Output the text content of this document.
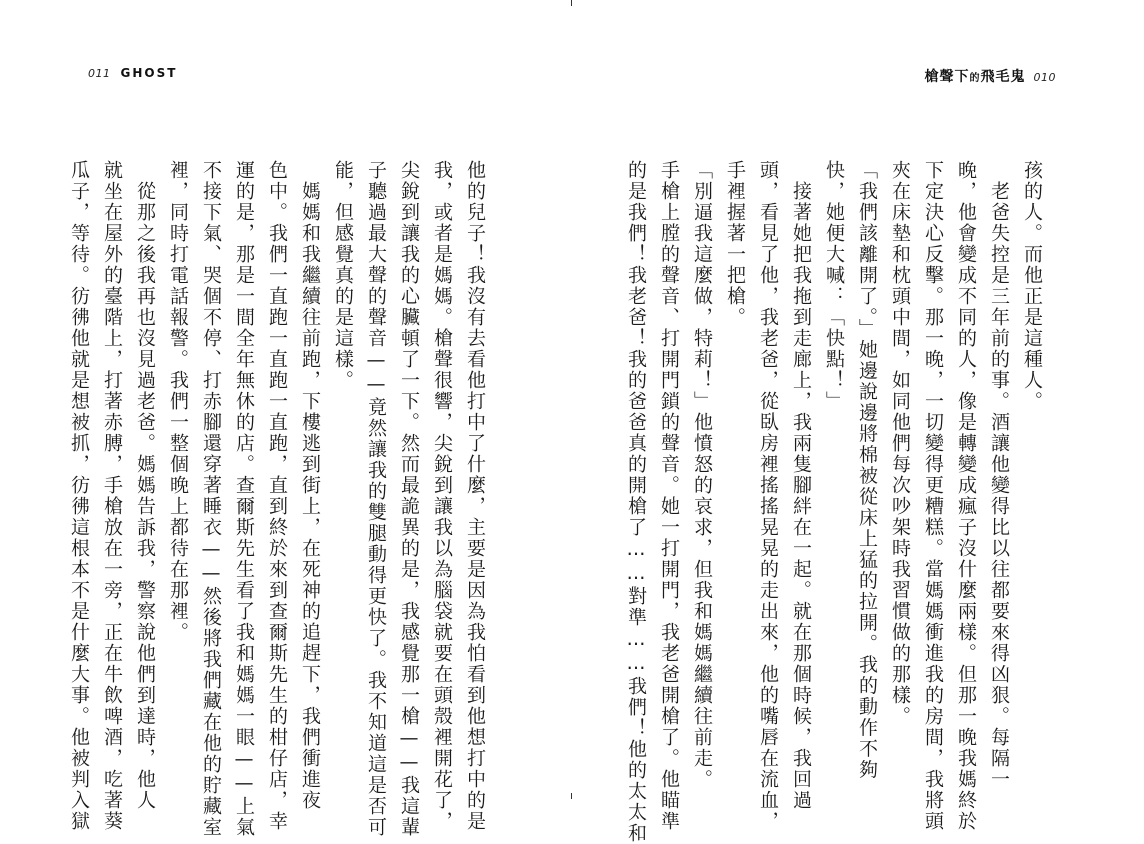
011 GHOST
他的兒子！我沒有去看他打中了什麼，主要是因為我怕看到他想打中的是
我，或者是媽媽。槍聲很響，尖銳到讓我以為腦袋就要在頭殼裡開花了，
尖銳到讓我的心臟頓了一下。然而最詭異的是，我感覺那一槍——我這輩
子聽過最大聲的聲音——竟然讓我的雙腿動得更快了。我不知道這是否可
能，但感覺真的是這樣。
　媽媽和我繼續往前跑，下樓逃到街上，在死神的追趕下，我們衝進夜
色中。我們一直跑一直跑一直跑，直到終於來到查爾斯先生的柑仔店，幸
運的是，那是一間全年無休的店。查爾斯先生看了我和媽媽一眼——上氣
不接下氣、哭個不停、打赤腳還穿著睡衣——然後將我們藏在他的貯藏室
裡，同時打電話報警。我們一整個晚上都待在那裡。
　從那之後我再也沒見過老爸。媽媽告訴我，警察說他們到達時，他人
就坐在屋外的臺階上，打著赤膊，手槍放在一旁，正在牛飲啤酒，吃著葵
瓜子，等待。彷彿他就是想被抓，彷彿這根本不是什麼大事。他被判入獄
槍聲下的飛毛鬼 010
孩的人。而他正是這種人。
　老爸失控是三年前的事。酒讓他變得比以往都要來得凶狠。每隔一
晚，他會變成不同的人，像是轉變成瘋子沒什麼兩樣。但那一晚我媽終於
下定決心反擊。那一晚，一切變得更糟糕。當媽媽衝進我的房間，我將頭
夾在床墊和枕頭中間，如同他們每次吵架時我習慣做的那樣。
「我們該離開了。」她邊說邊將棉被從床上猛的拉開。我的動作不夠
快，她便大喊：「快點！」
　接著她把我拖到走廊上，我兩隻腳絆在一起。就在那個時候，我回過
頭，看見了他，我老爸，從臥房裡搖搖晃晃的走出來，他的嘴唇在流血，
手裡握著一把槍。
「別逼我這麼做，特莉！」他憤怒的哀求，但我和媽媽繼續往前走。
手槍上膛的聲音、打開門鎖的聲音。她一打開門，我老爸開槍了。他瞄準
的是我們！我老爸！我的爸爸真的開槍了……對準……我們！他的太太和
